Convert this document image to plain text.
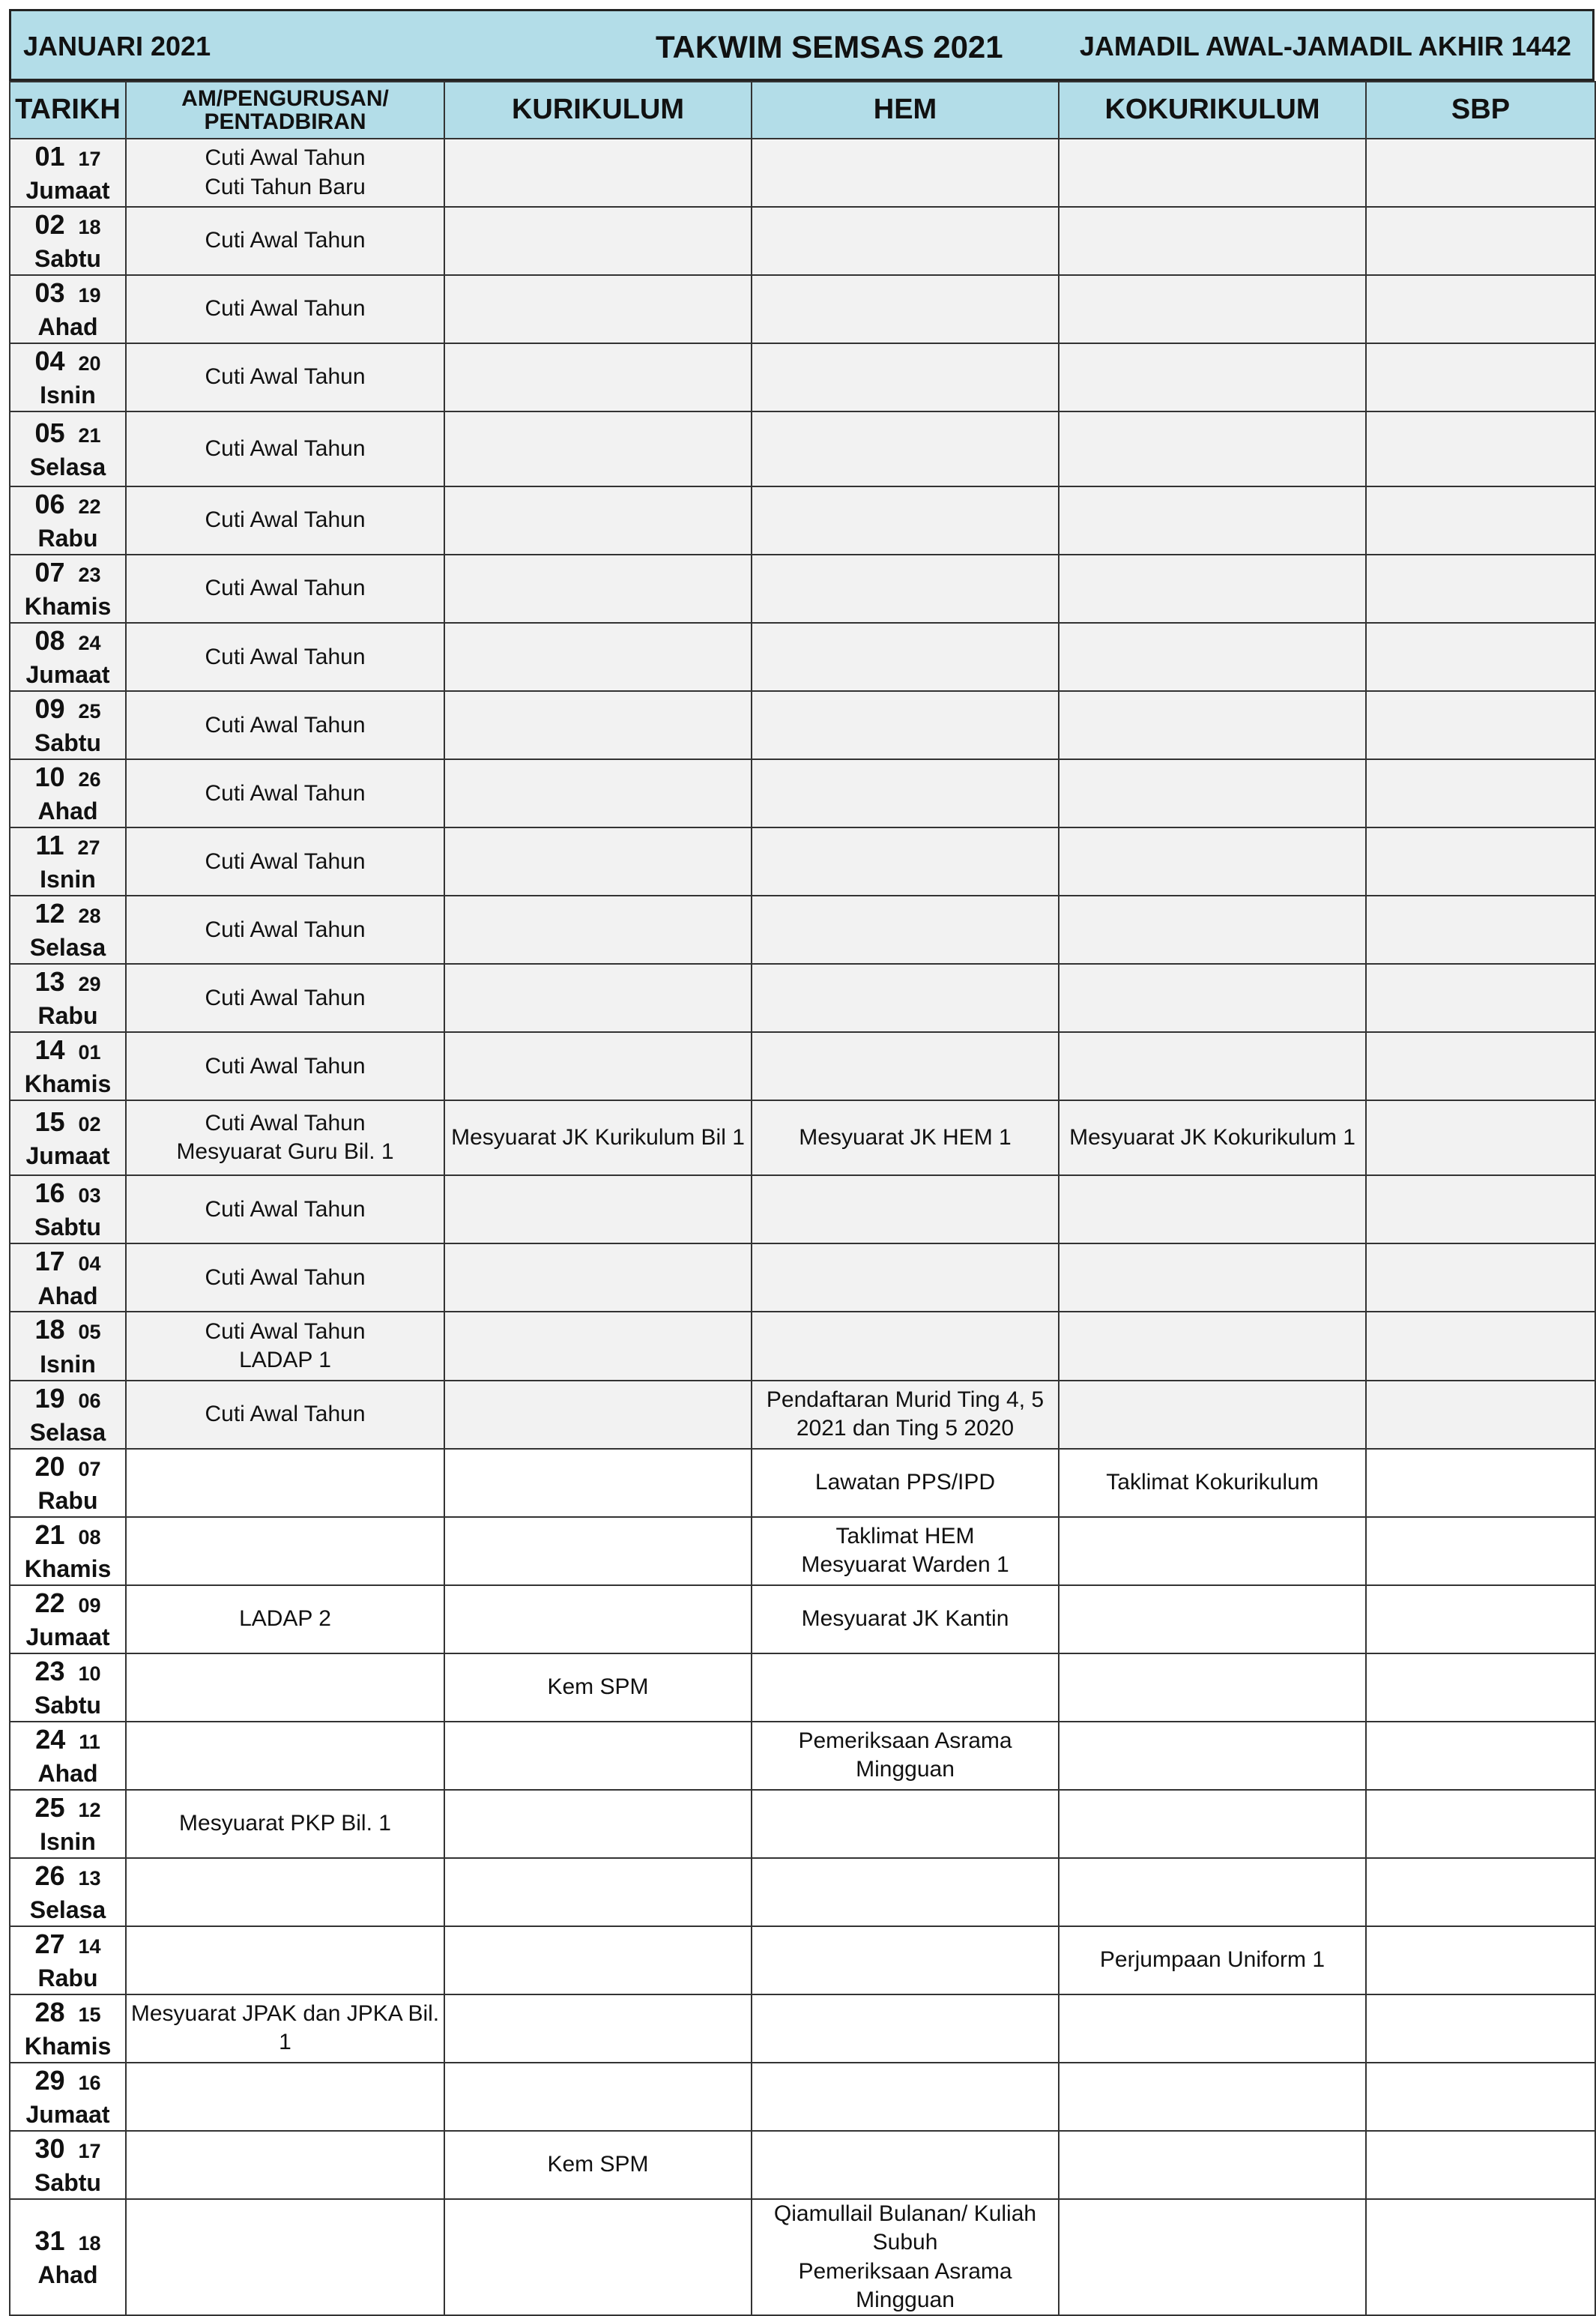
JANUARI 2021	TAKWIM SEMSAS 2021	JAMADIL AWAL-JAMADIL AKHIR 1442
TARIKH	AM/PENGURUSAN/ PENTADBIRAN	KURIKULUM	HEM	KOKURIKULUM	SBP
01 17
Jumaat	Cuti Awal Tahun
Cuti Tahun Baru				

02 18
Sabtu	Cuti Awal Tahun				

03 19
Ahad	Cuti Awal Tahun				

04 20
Isnin	Cuti Awal Tahun				

05 21
Selasa	Cuti Awal Tahun				

06 22
Rabu	Cuti Awal Tahun				

07 23
Khamis	Cuti Awal Tahun				

08 24
Jumaat	Cuti Awal Tahun				

09 25
Sabtu	Cuti Awal Tahun				

10 26
Ahad	Cuti Awal Tahun				

11 27
Isnin	Cuti Awal Tahun				

12 28
Selasa	Cuti Awal Tahun				

13 29
Rabu	Cuti Awal Tahun				

14 01
Khamis	Cuti Awal Tahun				

15 02
Jumaat	Cuti Awal Tahun
Mesyuarat Guru Bil. 1	Mesyuarat JK Kurikulum Bil 1	Mesyuarat JK HEM 1	Mesyuarat JK Kokurikulum 1	

16 03
Sabtu	Cuti Awal Tahun				

17 04
Ahad	Cuti Awal Tahun				

18 05
Isnin	Cuti Awal Tahun
LADAP 1				

19 06
Selasa	Cuti Awal Tahun		Pendaftaran Murid Ting 4, 5
2021 dan Ting 5 2020		

20 07
Rabu			Lawatan PPS/IPD	Taklimat Kokurikulum	

21 08
Khamis			Taklimat HEM
Mesyuarat Warden 1		

22 09
Jumaat	LADAP 2		Mesyuarat JK Kantin		

23 10
Sabtu		Kem SPM			

24 11
Ahad			Pemeriksaan Asrama
Mingguan		

25 12
Isnin	Mesyuarat PKP Bil. 1				

26 13
Selasa					

27 14
Rabu				Perjumpaan Uniform 1	

28 15
Khamis	Mesyuarat JPAK dan JPKA Bil.
1				

29 16
Jumaat					

30 17
Sabtu		Kem SPM			

31 18
Ahad			Qiamullail Bulanan/ Kuliah
Subuh
Pemeriksaan Asrama
Mingguan		
